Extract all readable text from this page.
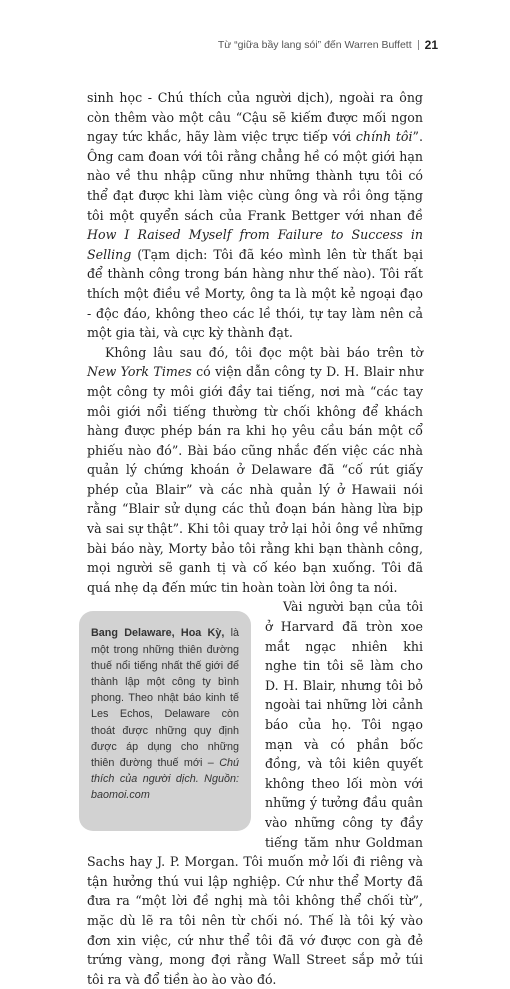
Từ “giữa bầy lang sói” đến Warren Buffett 21

sinh học - Chú thích của người dịch), ngoài ra ông còn thêm vào một câu “Cậu sẽ kiếm được mối ngon ngay tức khắc, hãy làm việc trực tiếp với chính tôi”. Ông cam đoan với tôi rằng chẳng hề có một giới hạn nào về thu nhập cũng như những thành tựu tôi có thể đạt được khi làm việc cùng ông và rồi ông tặng tôi một quyển sách của Frank Bettger với nhan đề How I Raised Myself from Failure to Success in Selling (Tạm dịch: Tôi đã kéo mình lên từ thất bại để thành công trong bán hàng như thế nào). Tôi rất thích một điều về Morty, ông ta là một kẻ ngoại đạo - độc đáo, không theo các lề thói, tự tay làm nên cả một gia tài, và cực kỳ thành đạt.

Không lâu sau đó, tôi đọc một bài báo trên tờ New York Times có viện dẫn công ty D. H. Blair như một công ty môi giới đầy tai tiếng, nơi mà “các tay môi giới nổi tiếng thường từ chối không để khách hàng được phép bán ra khi họ yêu cầu bán một cổ phiếu nào đó”. Bài báo cũng nhắc đến việc các nhà quản lý chứng khoán ở Delaware đã “cố rút giấy phép của Blair” và các nhà quản lý ở Hawaii nói rằng “Blair sử dụng các thủ đoạn bán hàng lừa bịp và sai sự thật”. Khi tôi quay trở lại hỏi ông về những bài báo này, Morty bảo tôi rằng khi bạn thành công, mọi người sẽ ganh tị và cố kéo bạn xuống. Tôi đã quá nhẹ dạ đến mức tin hoàn toàn lời ông ta nói.

Bang Delaware, Hoa Kỳ, là một trong những thiên đường thuế nổi tiếng nhất thế giới để thành lập một công ty bình phong. Theo nhật báo kinh tế Les Echos, Delaware còn thoát được những quy định được áp dụng cho những thiên đường thuế mới – Chú thích của người dịch. Nguồn: baomoi.com

Vài người bạn của tôi ở Harvard đã tròn xoe mắt ngạc nhiên khi nghe tin tôi sẽ làm cho D. H. Blair, nhưng tôi bỏ ngoài tai những lời cảnh báo của họ. Tôi ngạo mạn và có phần bốc đồng, và tôi kiên quyết không theo lối mòn với những ý tưởng đầu quân vào những công ty đầy tiếng tăm như Goldman Sachs hay J. P. Morgan. Tôi muốn mở lối đi riêng và tận hưởng thú vui lập nghiệp. Cứ như thể Morty đã đưa ra “một lời đề nghị mà tôi không thể chối từ”, mặc dù lẽ ra tôi nên từ chối nó. Thế là tôi ký vào đơn xin việc, cứ như thể tôi đã vớ được con gà đẻ trứng vàng, mong đợi rằng Wall Street sắp mở túi tôi ra và đổ tiền ào ào vào đó.
